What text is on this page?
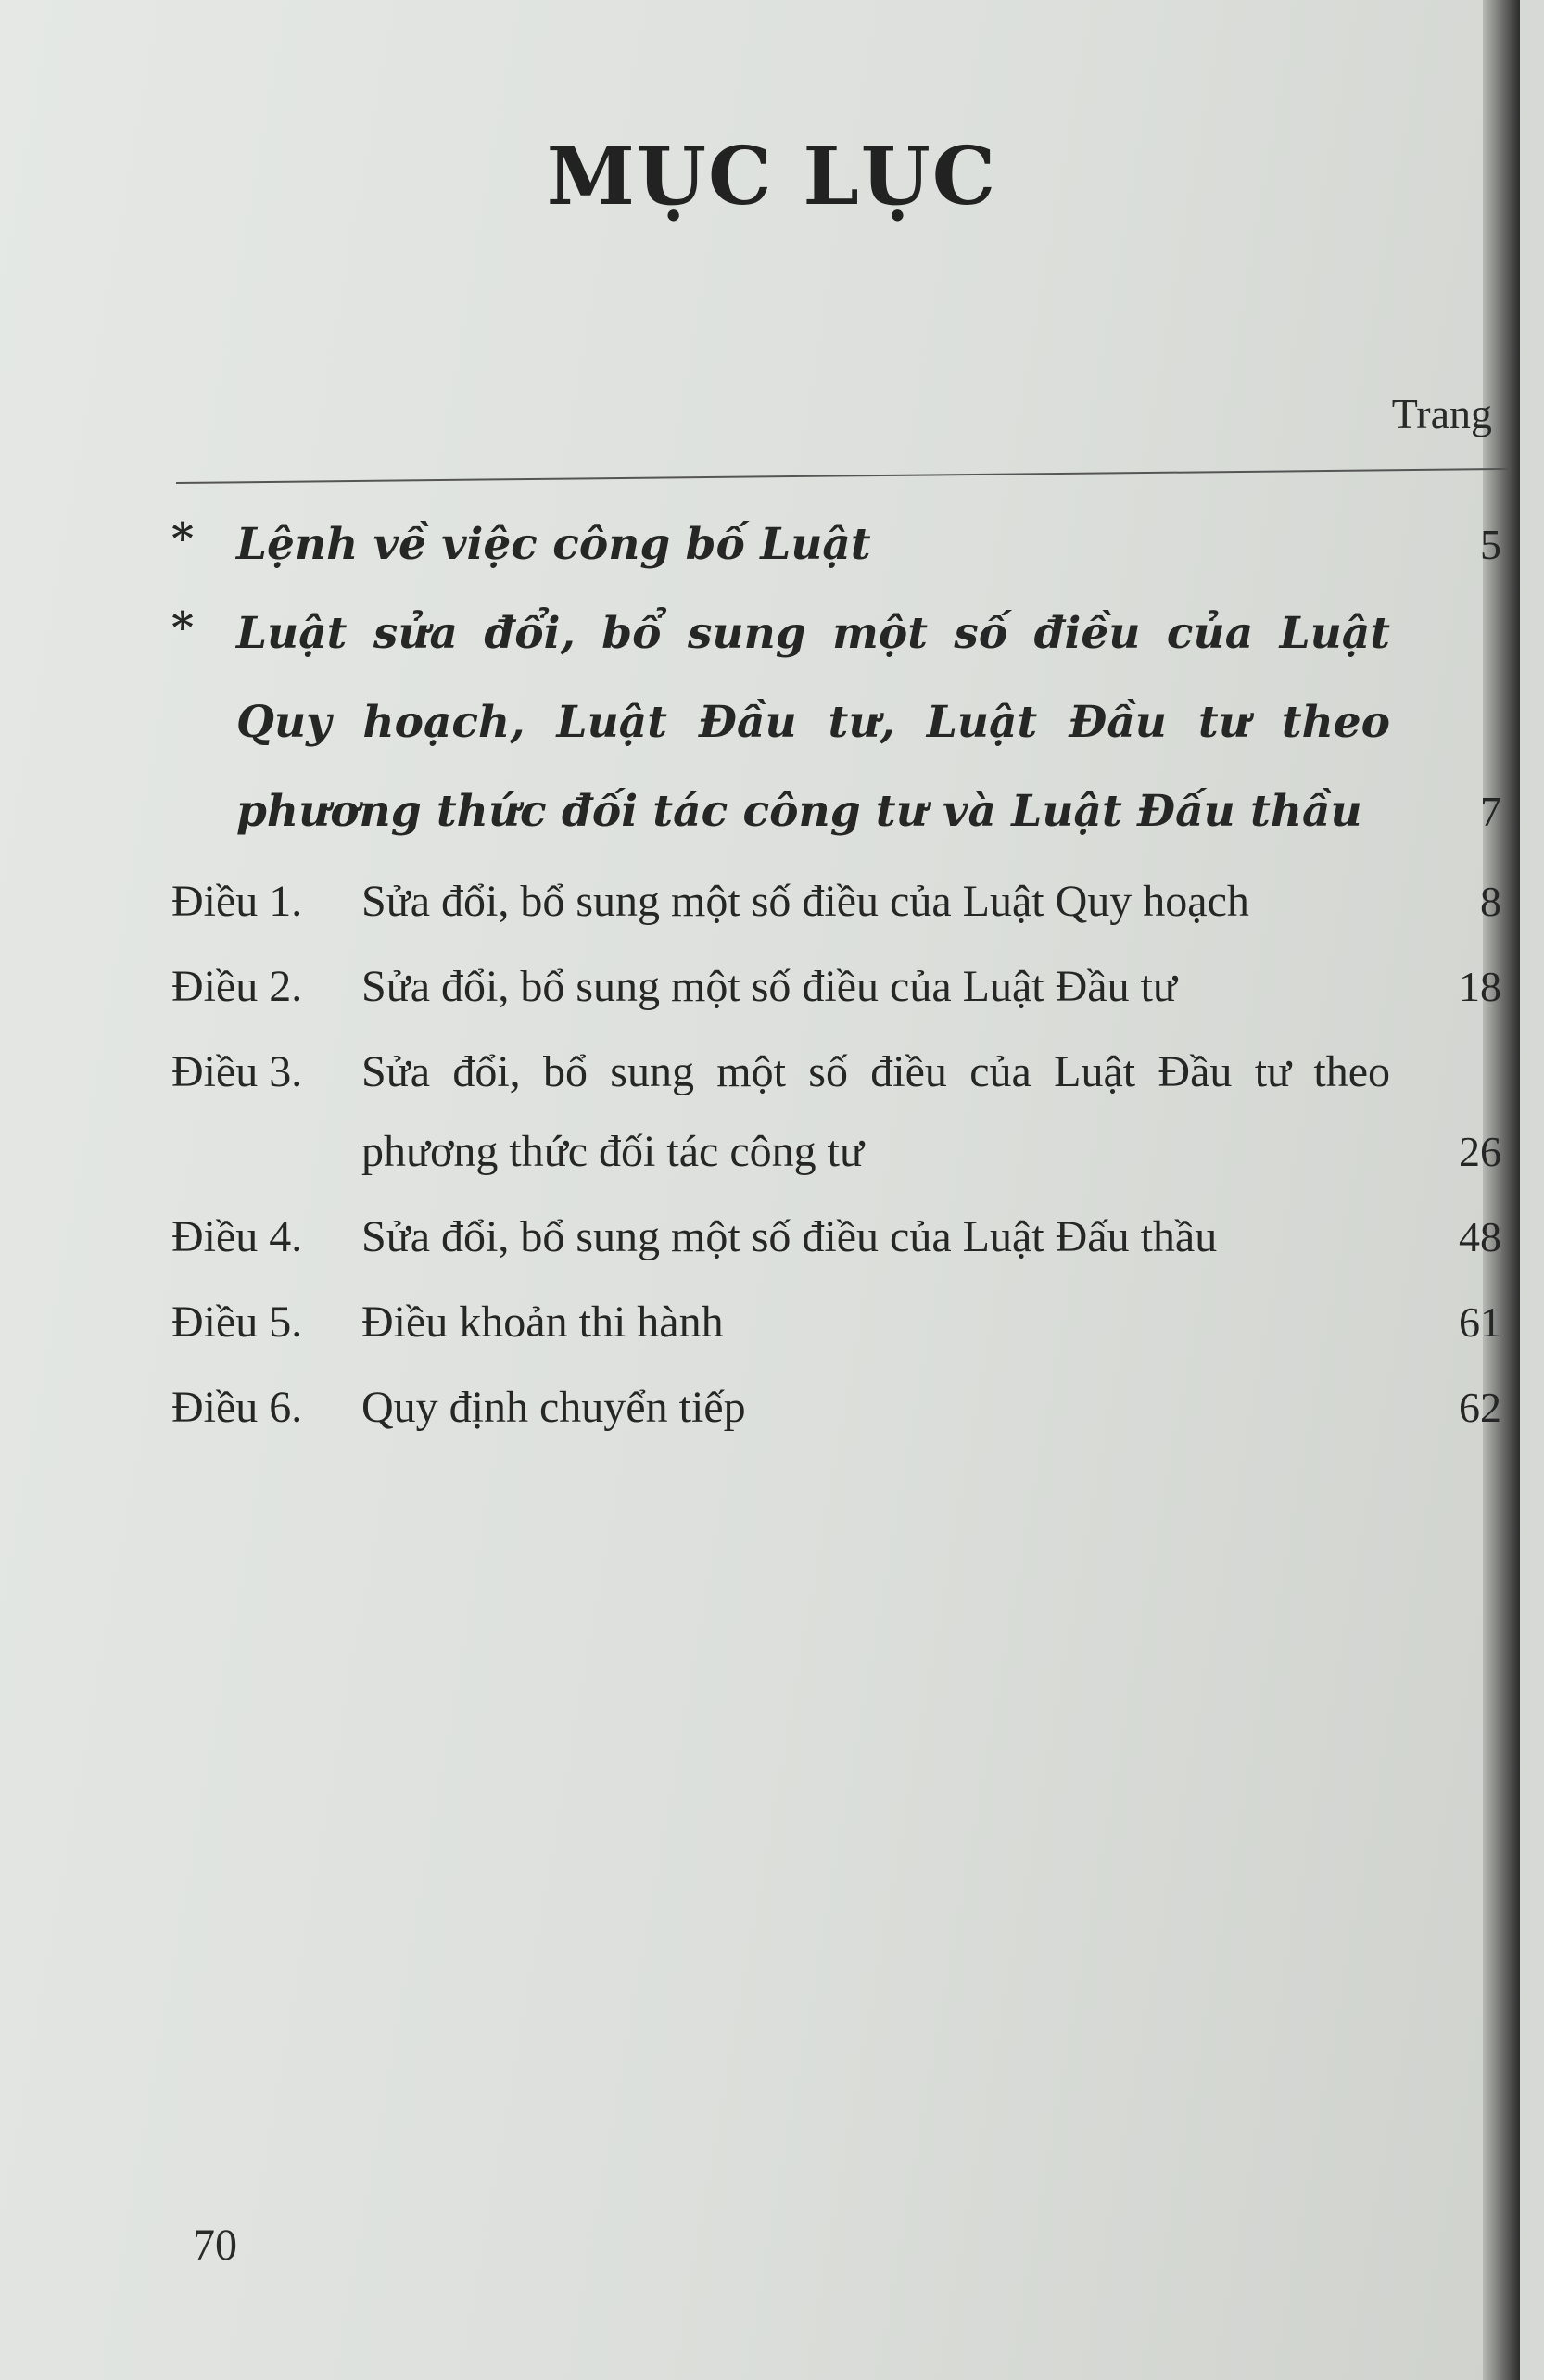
MỤC LỤC
Trang
* Lệnh về việc công bố Luật	5
* Luật sửa đổi, bổ sung một số điều của Luật Quy hoạch, Luật Đầu tư, Luật Đầu tư theo phương thức đối tác công tư và Luật Đấu thầu	7
Điều 1.	Sửa đổi, bổ sung một số điều của Luật Quy hoạch	8
Điều 2.	Sửa đổi, bổ sung một số điều của Luật Đầu tư	18
Điều 3.	Sửa đổi, bổ sung một số điều của Luật Đầu tư theo phương thức đối tác công tư	26
Điều 4.	Sửa đổi, bổ sung một số điều của Luật Đấu thầu	48
Điều 5.	Điều khoản thi hành	61
Điều 6.	Quy định chuyển tiếp	62
70
